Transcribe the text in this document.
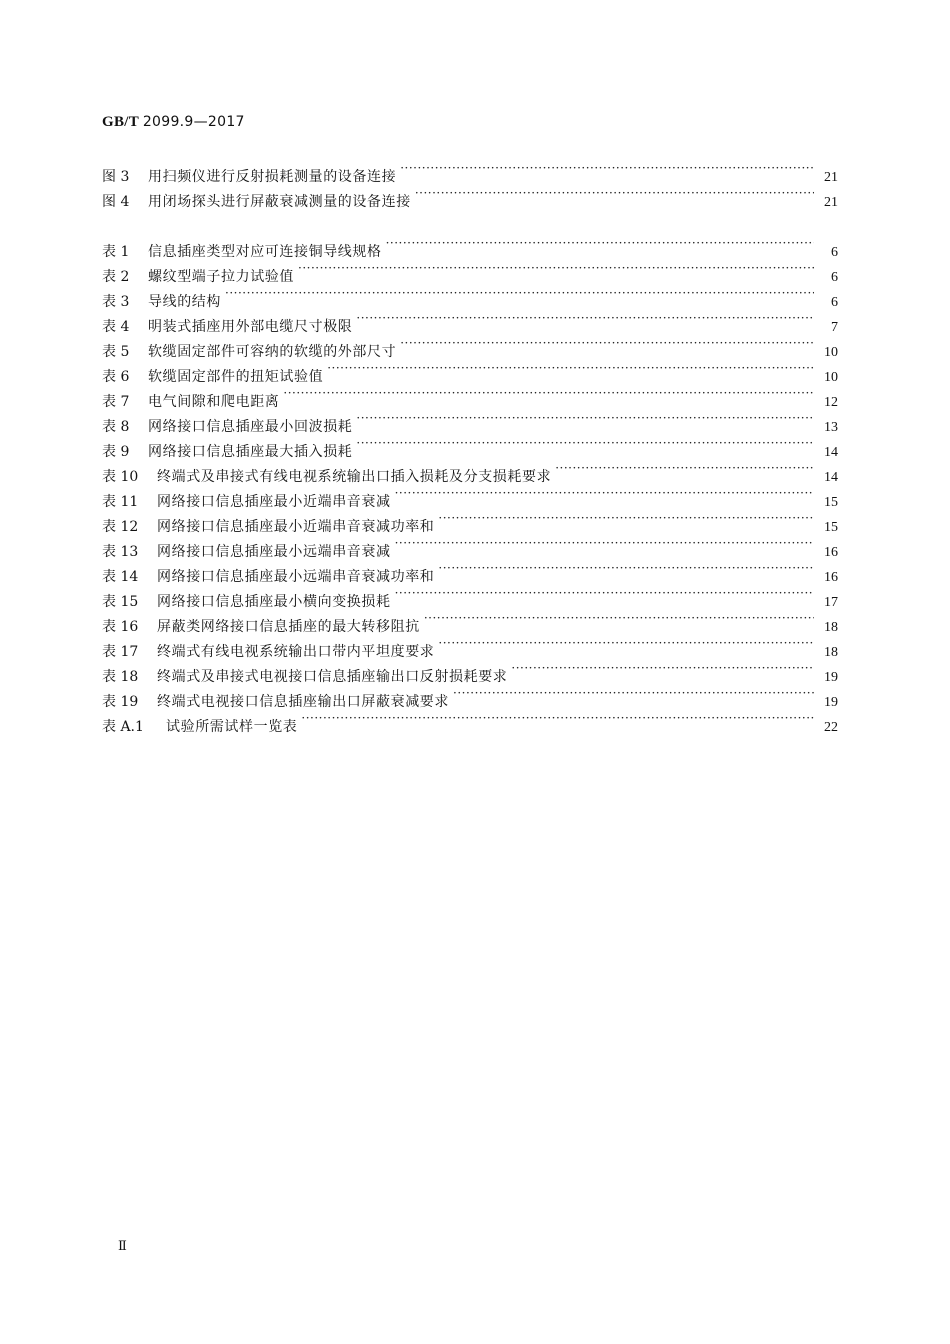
GB/T 2099.9—2017
图 3	用扫频仪进行反射损耗测量的设备连接 ·····	21
图 4	用闭场探头进行屏蔽衰减测量的设备连接 ·····	21
表 1	信息插座类型对应可连接铜导线规格 ·····	6
表 2	螺纹型端子拉力试验值 ·····	6
表 3	导线的结构 ·····	6
表 4	明装式插座用外部电缆尺寸极限 ·····	7
表 5	软缆固定部件可容纳的软缆的外部尺寸 ·····	10
表 6	软缆固定部件的扭矩试验值 ·····	10
表 7	电气间隙和爬电距离 ·····	12
表 8	网络接口信息插座最小回波损耗 ·····	13
表 9	网络接口信息插座最大插入损耗 ·····	14
表 10	终端式及串接式有线电视系统输出口插入损耗及分支损耗要求 ·····	14
表 11	网络接口信息插座最小近端串音衰减 ·····	15
表 12	网络接口信息插座最小近端串音衰减功率和 ·····	15
表 13	网络接口信息插座最小远端串音衰减 ·····	16
表 14	网络接口信息插座最小远端串音衰减功率和 ·····	16
表 15	网络接口信息插座最小横向变换损耗 ·····	17
表 16	屏蔽类网络接口信息插座的最大转移阻抗 ·····	18
表 17	终端式有线电视系统输出口带内平坦度要求 ·····	18
表 18	终端式及串接式电视接口信息插座输出口反射损耗要求 ·····	19
表 19	终端式电视接口信息插座输出口屏蔽衰减要求 ·····	19
表 A.1	试验所需试样一览表 ·····	22
Ⅱ
